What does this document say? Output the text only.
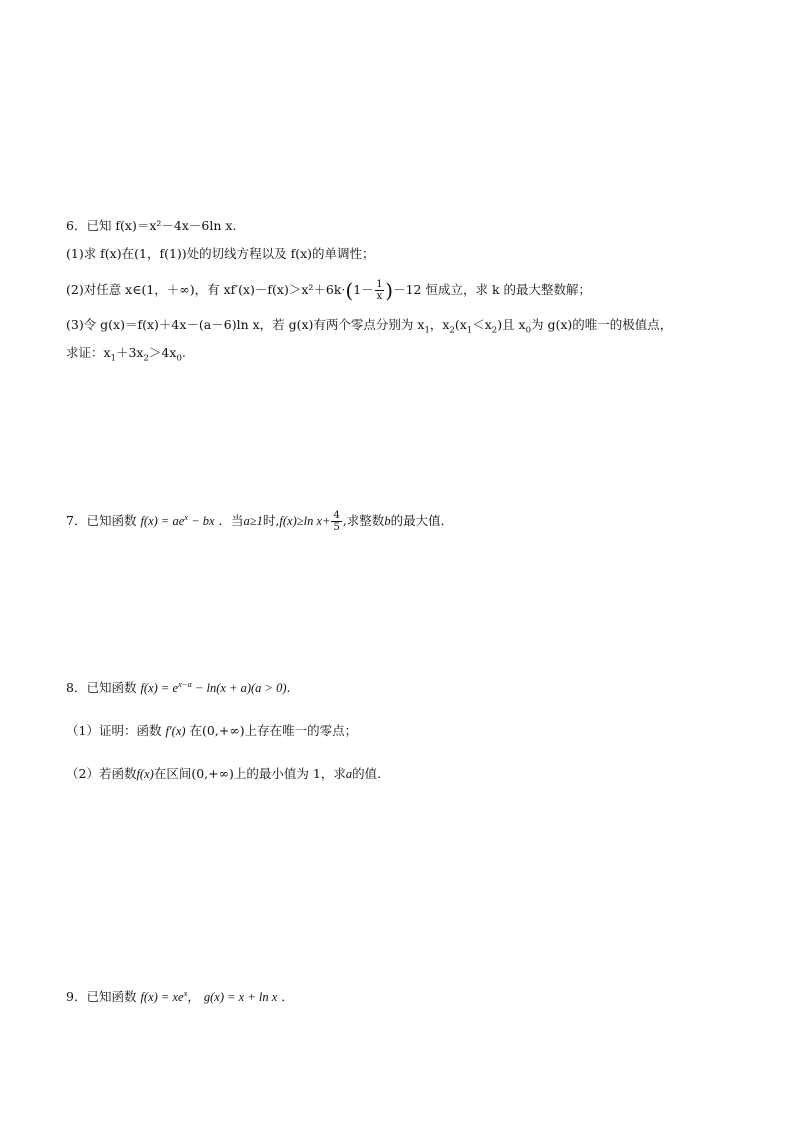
6．已知 f(x)＝x²－4x－6ln x.
(1)求 f(x)在(1，f(1))处的切线方程以及 f(x)的单调性；
(2)对任意 x∈(1，＋∞)，有 $xf'(x)-f(x)>x^2+6k\cdot(1- \frac{1}{x} )-12$ 恒成立，求 k 的最大整数解；
(3)令 g(x)＝f(x)＋4x－(a－6)ln x，若 g(x)有两个零点分别为 $x_1$，$x_2(x_1<x_2)$且 $x_0$为 g(x)的唯一的极值点，
求证：$x_1+3x_2>4x_0$.
7．已知函数 $f(x) = ae^x$ − bx ．当a≥1时,f(x)≥ln $x+ \frac{4}{5}$ ,求整数b的最大值．
8．已知函数 $f(x) = e^{x-a} - \ln(x + a)(a > 0)$.
（1）证明：函数 f′(x) 在(0,+∞)上存在唯一的零点；
（2）若函数f(x)在区间(0,+∞)上的最小值为 1，求a的值.
9．已知函数 $f(x) = xe^x$， g(x) = x + ln x ．
